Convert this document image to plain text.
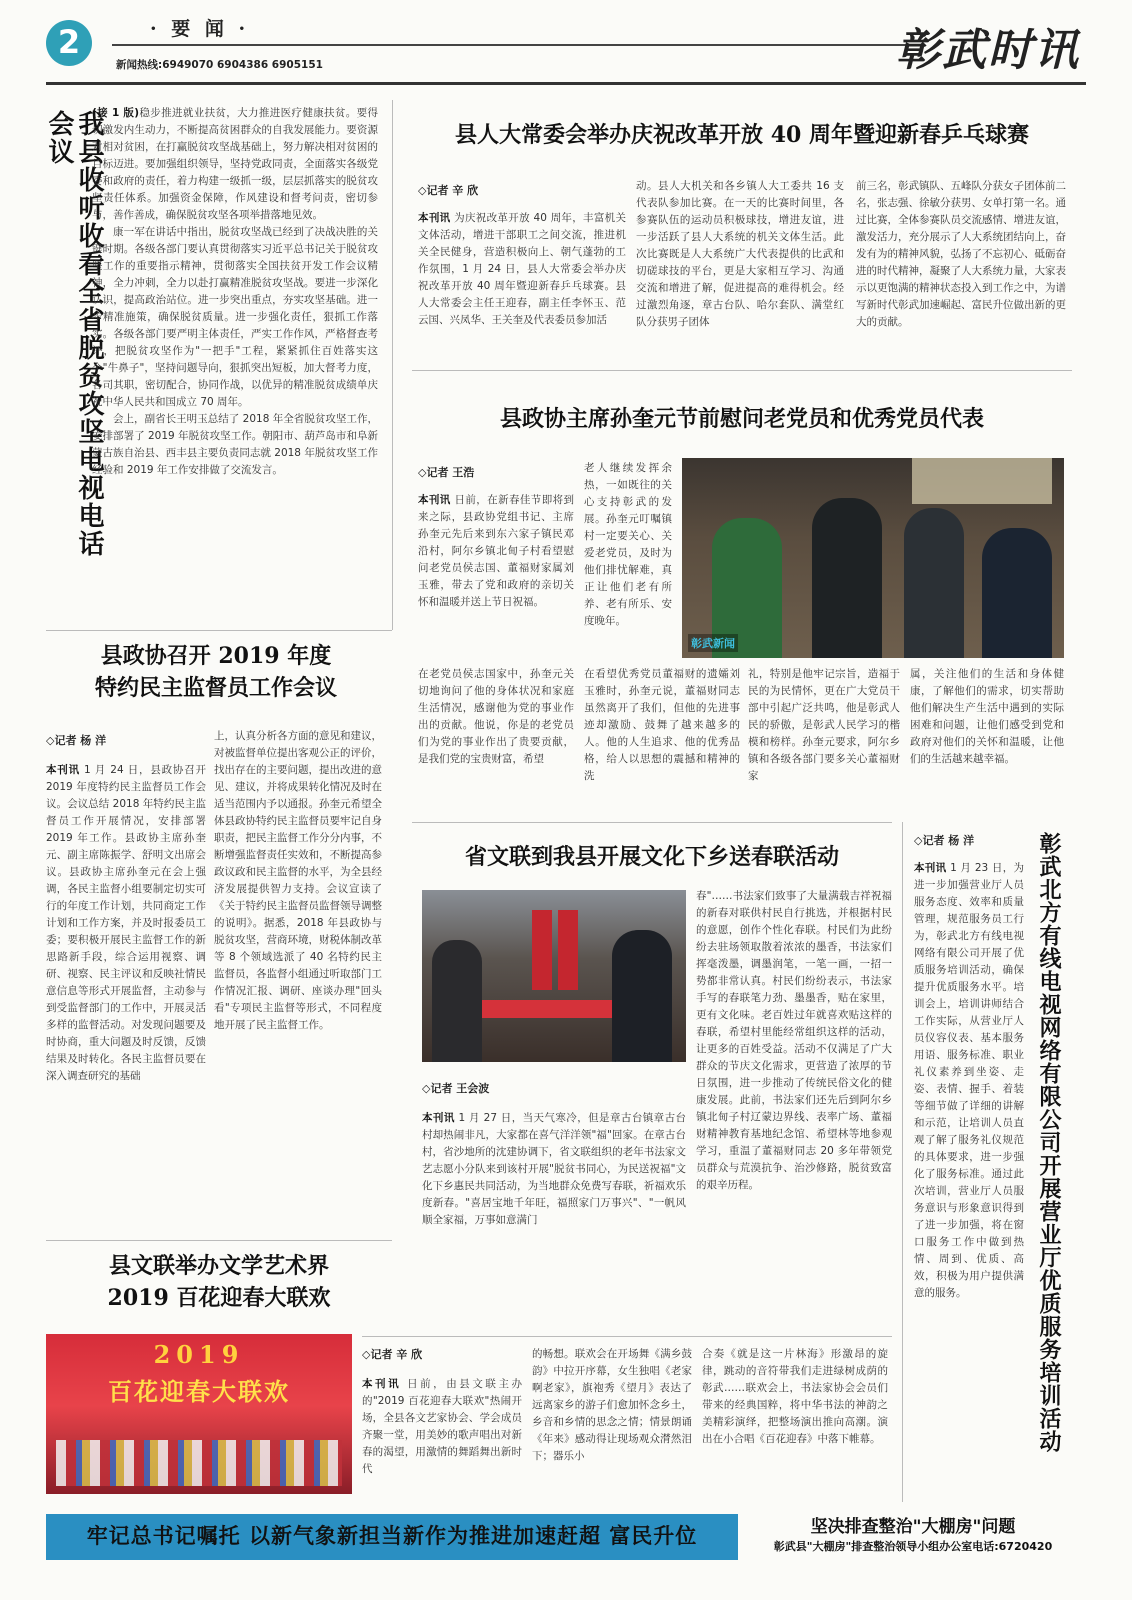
2	· 要 闻 ·
新闻热线:6949070 6904386 6905151	彰武时讯
我县收听收看全省脱贫攻坚电视电话会议	(接 1 版)稳步推进就业扶贫，大力推进医疗健康扶贫。要得切激发内生动力，不断提高贫困群众的自我发展能力。要资源对相对贫困，在打赢脱贫攻坚战基础上，努力解决相对贫困的目标迈进。要加强组织领导，坚持党政同责，全面落实各级党委和政府的责任，着力构建一级抓一级，层层抓落实的脱贫攻坚责任体系。加强资金保障，作风建设和督考问责，密切参与，善作善成，确保脱贫攻坚各项举措落地见效。

康一军在讲话中指出，脱贫攻坚战已经到了决战决胜的关键时期。各级各部门要认真贯彻落实习近平总书记关于脱贫攻坚工作的重要指示精神，贯彻落实全国扶贫开发工作会议精神，全力冲刺，全力以赴打赢精准脱贫攻坚战。要进一步深化认识，提高政治站位。进一步突出重点，夯实攻坚基础。进一步精准施策，确保脱贫质量。进一步强化责任，狠抓工作落实。各级各部门要严明主体责任，严实工作作风，严格督查考评，把脱贫攻坚作为"一把手"工程，紧紧抓住百姓落实这个"牛鼻子"，坚持问题导向，狠抓突出短板，加大督考力度，各司其职，密切配合，协同作战，以优异的精准脱贫成绩单庆祝中华人民共和国成立 70 周年。

会上，副省长王明玉总结了 2018 年全省脱贫攻坚工作，安排部署了 2019 年脱贫攻坚工作。朝阳市、葫芦岛市和阜新蒙古族自治县、西丰县主要负责同志就 2018 年脱贫攻坚工作经验和 2019 年工作安排做了交流发言。

县人大常委会举办庆祝改革开放 40 周年暨迎新春乒乓球赛
◇记者 辛 欣
本刊讯 为庆祝改革开放 40 周年，丰富机关文体活动，增进干部职工之间交流，推进机关全民健身，营造积极向上、朝气蓬勃的工作氛围，1 月 24 日，县人大常委会举办庆祝改革开放 40 周年暨迎新春乒乓球赛。县人大常委会主任王迎春，副主任李怀玉、范云国、兴凤华、王关奎及代表委员参加活
动。县人大机关和各乡镇人大工委共 16 支代表队参加比赛。在一天的比赛时间里，各参赛队伍的运动员积极球技，增进友谊，进一步活跃了县人大系统的机关文体生活。此次比赛既是人大系统广大代表提供的比武和切磋球技的平台，更是大家相互学习、沟通交流和增进了解，促进提高的难得机会。经过激烈角逐，章古台队、哈尔套队、满堂红队分获男子团体
前三名，彰武镇队、五峰队分获女子团体前二名，张志强、徐敏分获男、女单打第一名。通过比赛，全体参赛队员交流感情、增进友谊，激发活力，充分展示了人大系统团结向上，奋发有为的精神风貌，弘扬了不忘初心、砥砺奋进的时代精神，凝聚了人大系统力量，大家表示以更饱满的精神状态投入到工作之中，为谱写新时代彰武加速崛起、富民升位做出新的更大的贡献。
县政协主席孙奎元节前慰问老党员和优秀党员代表
◇记者 王浩
本刊讯 日前，在新春佳节即将到来之际，县政协党组书记、主席孙奎元先后来到东六家子镇民邓沿村，阿尔乡镇北甸子村看望慰问老党员侯志国、董福财家属刘玉雅，带去了党和政府的亲切关怀和温暖并送上节日祝福。
老人继续发挥余热，一如既往的关心支持彰武的发展。孙奎元叮嘱镇村一定要关心、关爱老党员，及时为他们排忧解难，真正让他们老有所养、老有所乐、安度晚年。
彰武新闻
在老党员侯志国家中，孙奎元关切地询问了他的身体状况和家庭生活情况，感谢他为党的事业作出的贡献。他说，你是的老党员们为党的事业作出了贵要贡献，是我们党的宝贵财富，希望
在看望优秀党员董福财的遗孀刘玉雅时，孙奎元说，董福财同志虽然离开了我们，但他的先进事迹却激励、鼓舞了越来越多的人。他的人生追求、他的优秀品格，给人以思想的震撼和精神的洗
礼，特别是他牢记宗旨，造福于民的为民情怀，更在广大党员干部中引起广泛共鸣，他是彰武人民的骄傲，是彰武人民学习的楷模和榜样。孙奎元要求，阿尔乡镇和各级各部门要多关心董福财家
属，关注他们的生活和身体健康，了解他们的需求，切实帮助他们解决生产生活中遇到的实际困难和问题，让他们感受到党和政府对他们的关怀和温暖，让他们的生活越来越幸福。
县政协召开 2019 年度
特约民主监督员工作会议
◇记者 杨 洋
本刊讯 1 月 24 日，县政协召开 2019 年度特约民主监督员工作会议。会议总结 2018 年特约民主监督员工作开展情况，安排部署 2019 年工作。县政协主席孙奎元、副主席陈振学、舒明文出席会议。县政协主席孙奎元在会上强调，各民主监督小组要制定切实可行的年度工作计划，共同商定工作计划和工作方案，并及时报委员工委；要积极开展民主监督工作的新思路新手段，综合运用视察、调研、视察、民主评议和反映社情民意信息等形式开展监督，主动参与到受监督部门的工作中，开展灵活多样的监督活动。对发现问题要及时协商，重大问题及时反馈，反馈结果及时转化。各民主监督员要在深入调查研究的基础
上，认真分析各方面的意见和建议，对被监督单位提出客观公正的评价，找出存在的主要问题，提出改进的意见、建议，并将成果转化情况及时在适当范围内予以通报。孙奎元希望全体县政协特约民主监督员要牢记自身职责，把民主监督工作分分内事，不断增强监督责任实效和，不断提高参政议政和民主监督的水平，为全县经济发展提供智力支持。会议宣读了《关于特约民主监督员监督领导调整的说明》。据悉，2018 年县政协与脱贫攻坚，营商环境，财税体制改革等 8 个领域选派了 40 名特约民主监督员，各监督小组通过听取部门工作情况汇报、调研、座谈办理"回头看"专项民主监督等形式，不同程度地开展了民主监督工作。
县文联举办文学艺术界
2019 百花迎春大联欢
2019
百花迎春大联欢
◇记者 辛 欣
本刊讯 日前，由县文联主办的"2019 百花迎春大联欢"热闹开场，全县各文艺家协会、学会成员齐聚一堂，用美妙的歌声唱出对新春的渴望，用激情的舞蹈舞出新时代
的畅想。联欢会在开场舞《满乡鼓韵》中拉开序幕，女生独唱《老家啊老家》，旗袍秀《望月》表达了远离家乡的游子们愈加怀念乡土，乡音和乡情的思念之情；情景朗诵《年来》感动得让现场观众潸然泪下；器乐小
合奏《就是这一片林海》形激昂的旋律，跳动的音符带我们走进绿树成荫的彰武……联欢会上，书法家协会会员们带来的经典国粹，将中华书法的神韵之美精彩演绎，把整场演出推向高潮。演出在小合唱《百花迎春》中落下帷幕。
省文联到我县开展文化下乡送春联活动
◇记者 王会波
本刊讯 1 月 27 日，当天气寒冷，但是章古台镇章古台村却热闹非凡，大家都在喜气洋洋领"福"回家。在章古台村，省沙地所的沈建协调下，省文联组织的老年书法家文艺志愿小分队来到该村开展"脱贫书同心，为民送祝福"文化下乡惠民共同活动，为当地群众免费写春联，祈福欢乐度新春。"喜居宝地千年旺，福照家门万事兴"、"一帆风顺全家福，万事如意满门
春"……书法家们致事了大量满载吉祥祝福的新春对联供村民自行挑选，并根据村民的意愿，创作个性化春联。村民们为此纷纷去驻场领取散着浓浓的墨香，书法家们挥毫泼墨，调墨润笔，一笔一画，一招一势都非常认真。村民们纷纷表示，书法家手写的春联笔力劲、墨墨香，贴在家里，更有文化味。老百姓过年就喜欢贴这样的春联，希望村里能经常组织这样的活动，让更多的百姓受益。活动不仅满足了广大群众的节庆文化需求，更营造了浓厚的节日氛围，进一步推动了传统民俗文化的健康发展。此前，书法家们还先后到阿尔乡镇北甸子村辽蒙边界线、表率广场、董福财精神教育基地纪念馆、希望林等地参观学习，重温了董福财同志 20 多年带领党员群众与荒漠抗争、治沙修路，脱贫致富的艰辛历程。
◇记者 杨 洋
本刊讯 1 月 23 日，为进一步加强营业厅人员服务态度、效率和质量管理，规范服务员工行为，彰武北方有线电视网络有限公司开展了优质服务培训活动，确保提升优质服务水平。培训会上，培训讲师结合工作实际，从营业厅人员仪容仪表、基本服务用语、服务标准、职业礼仪素养到坐姿、走姿、表情、握手、着装等细节做了详细的讲解和示范，让培训人员直观了解了服务礼仪规范的具体要求，进一步强化了服务标准。通过此次培训，营业厅人员服务意识与形象意识得到了进一步加强，将在窗口服务工作中做到热情、周到、优质、高效，积极为用户提供满意的服务。	彰武北方有线电视网络有限公司开展营业厅优质服务培训活动
牢记总书记嘱托 以新气象新担当新作为推进加速赶超 富民升位	坚决排查整治"大棚房"问题
彰武县"大棚房"排查整治领导小组办公室电话:6720420
